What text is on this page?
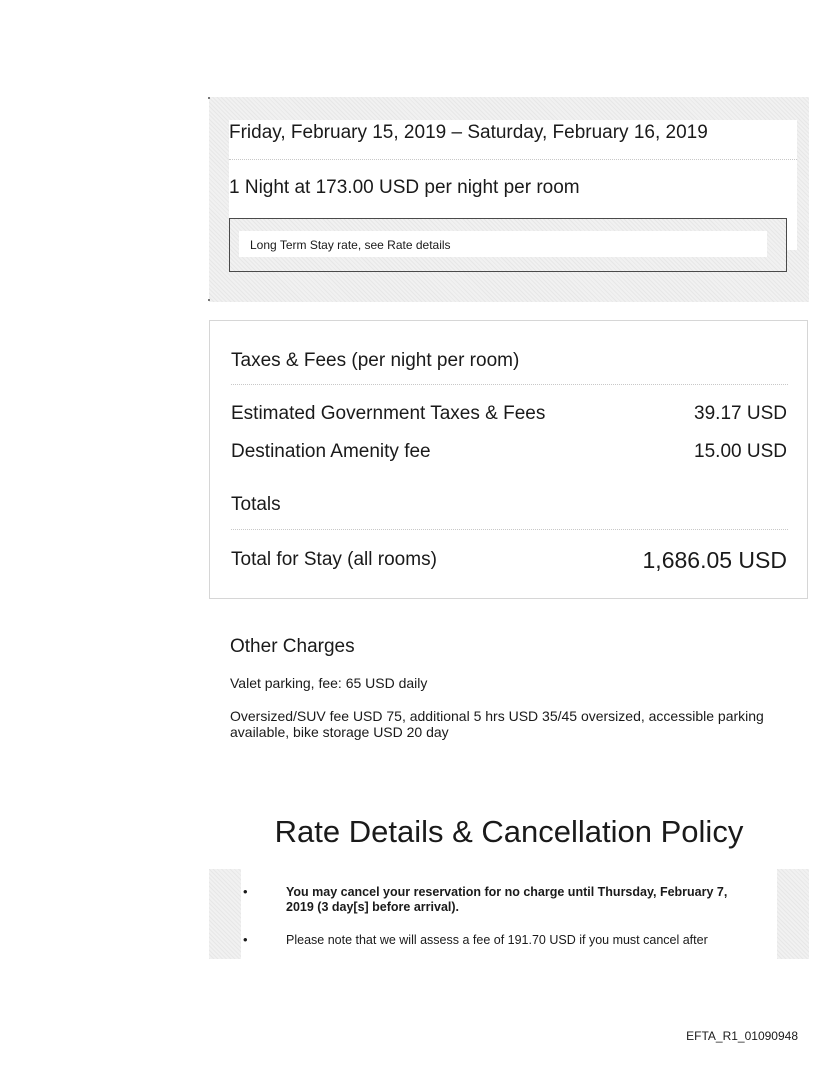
Friday, February 15, 2019 – Saturday, February 16, 2019
1 Night at 173.00 USD per night per room
Long Term Stay rate, see Rate details
Taxes & Fees (per night per room)
Estimated Government Taxes & Fees	39.17 USD
Destination Amenity fee	15.00 USD
Totals
Total for Stay (all rooms)	1,686.05 USD
Other Charges
Valet parking, fee: 65 USD daily
Oversized/SUV fee USD 75, additional 5 hrs USD 35/45 oversized, accessible parking available, bike storage USD 20 day
Rate Details & Cancellation Policy
•	You may cancel your reservation for no charge until Thursday, February 7, 2019 (3 day[s] before arrival).
•	Please note that we will assess a fee of 191.70 USD if you must cancel after
EFTA_R1_01090948
